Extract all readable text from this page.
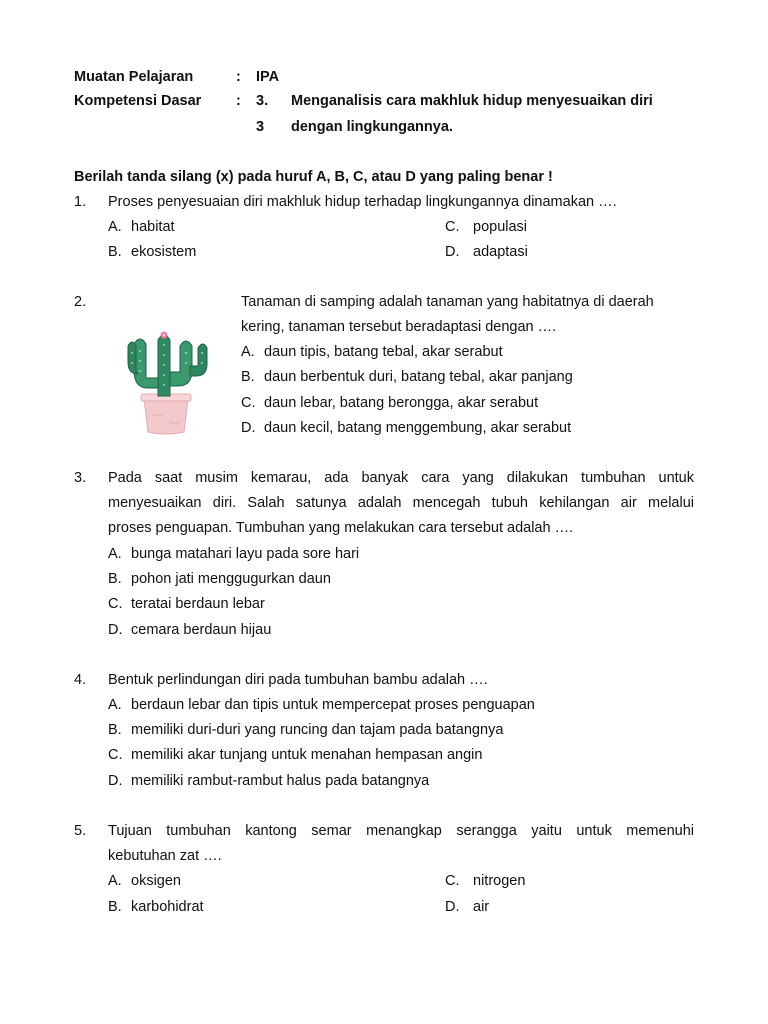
Muatan Pelajaran	: IPA
Kompetensi Dasar : 3. Menganalisis cara makhluk hidup menyesuaikan diri
3 dengan lingkungannya.
Berilah tanda silang (x) pada huruf A, B, C, atau D yang paling benar !
1. Proses penyesuaian diri makhluk hidup terhadap lingkungannya dinamakan ….
A. habitat
B. ekosistem
C. populasi
D. adaptasi
2.	Tanaman di samping adalah tanaman yang habitatnya di daerah
kering, tanaman tersebut beradaptasi dengan ….
A. daun tipis, batang tebal, akar serabut
B. daun berbentuk duri, batang tebal, akar panjang
C. daun lebar, batang berongga, akar serabut
D. daun kecil, batang menggembung, akar serabut
3. Pada saat musim kemarau, ada banyak cara yang dilakukan tumbuhan untuk
menyesuaikan diri. Salah satunya adalah mencegah tubuh kehilangan air melalui
proses penguapan. Tumbuhan yang melakukan cara tersebut adalah ….
A. bunga matahari layu pada sore hari
B. pohon jati menggugurkan daun
C. teratai berdaun lebar
D. cemara berdaun hijau
4. Bentuk perlindungan diri pada tumbuhan bambu adalah ….
A. berdaun lebar dan tipis untuk mempercepat proses penguapan
B. memiliki duri-duri yang runcing dan tajam pada batangnya
C. memiliki akar tunjang untuk menahan hempasan angin
D. memiliki rambut-rambut halus pada batangnya
5. Tujuan tumbuhan kantong semar menangkap serangga yaitu untuk memenuhi
kebutuhan zat ….
A. oksigen
B. karbohidrat
C. nitrogen
D. air
